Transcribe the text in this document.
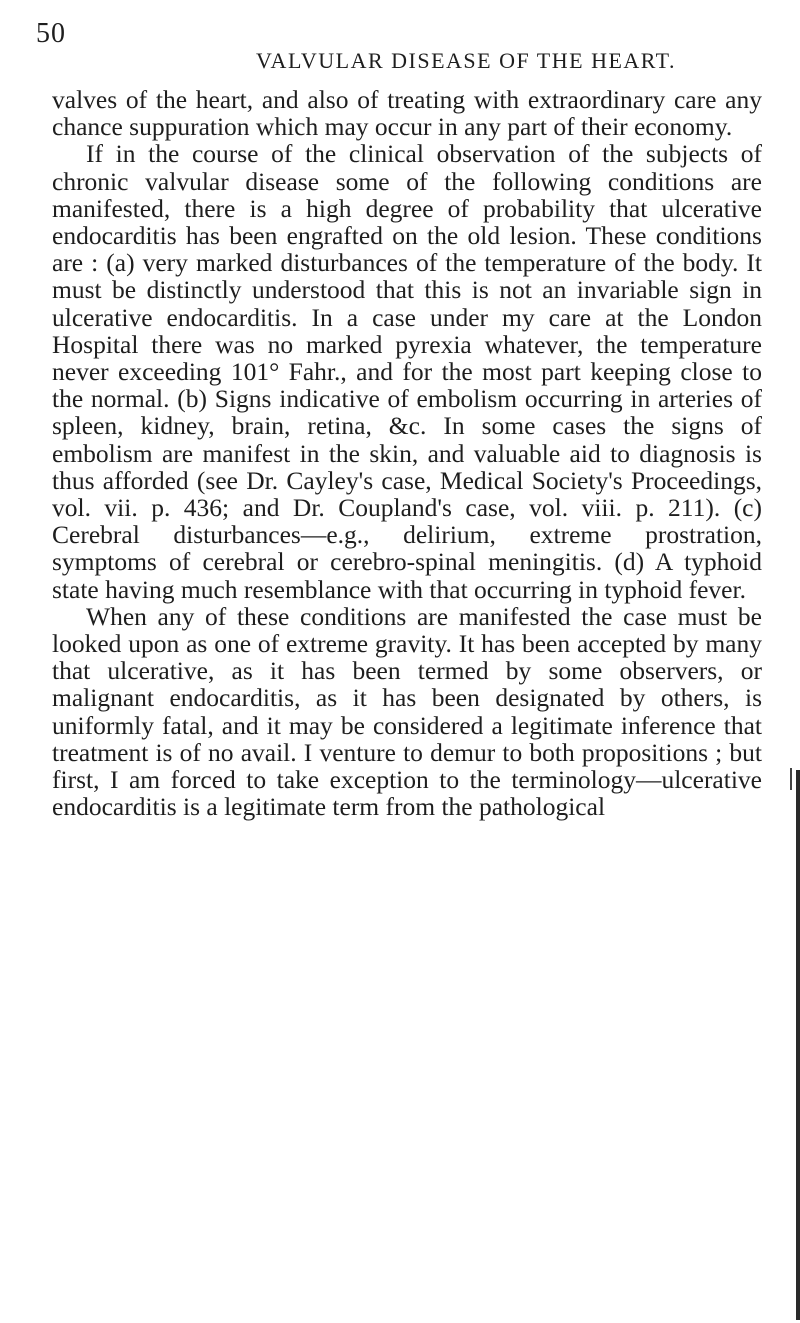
50
VALVULAR DISEASE OF THE HEART.

valves of the heart, and also of treating with extraordinary care any chance suppuration which may occur in any part of their economy.

If in the course of the clinical observation of the subjects of chronic valvular disease some of the following conditions are manifested, there is a high degree of probability that ulcerative endocarditis has been engrafted on the old lesion. These conditions are : (a) very marked disturbances of the temperature of the body. It must be distinctly understood that this is not an invariable sign in ulcerative endocarditis. In a case under my care at the London Hospital there was no marked pyrexia whatever, the temperature never exceeding 101° Fahr., and for the most part keeping close to the normal. (b) Signs indicative of embolism occurring in arteries of spleen, kidney, brain, retina, &c. In some cases the signs of embolism are manifest in the skin, and valuable aid to diagnosis is thus afforded (see Dr. Cayley's case, Medical Society's Proceedings, vol. vii. p. 436; and Dr. Coupland's case, vol. viii. p. 211). (c) Cerebral disturbances—e.g., delirium, extreme prostration, symptoms of cerebral or cerebro-spinal meningitis. (d) A typhoid state having much resemblance with that occurring in typhoid fever.

When any of these conditions are manifested the case must be looked upon as one of extreme gravity. It has been accepted by many that ulcerative, as it has been termed by some observers, or malignant endocarditis, as it has been designated by others, is uniformly fatal, and it may be considered a legitimate inference that treatment is of no avail. I venture to demur to both propositions ; but first, I am forced to take exception to the terminology—ulcerative endocarditis is a legitimate term from the pathological
